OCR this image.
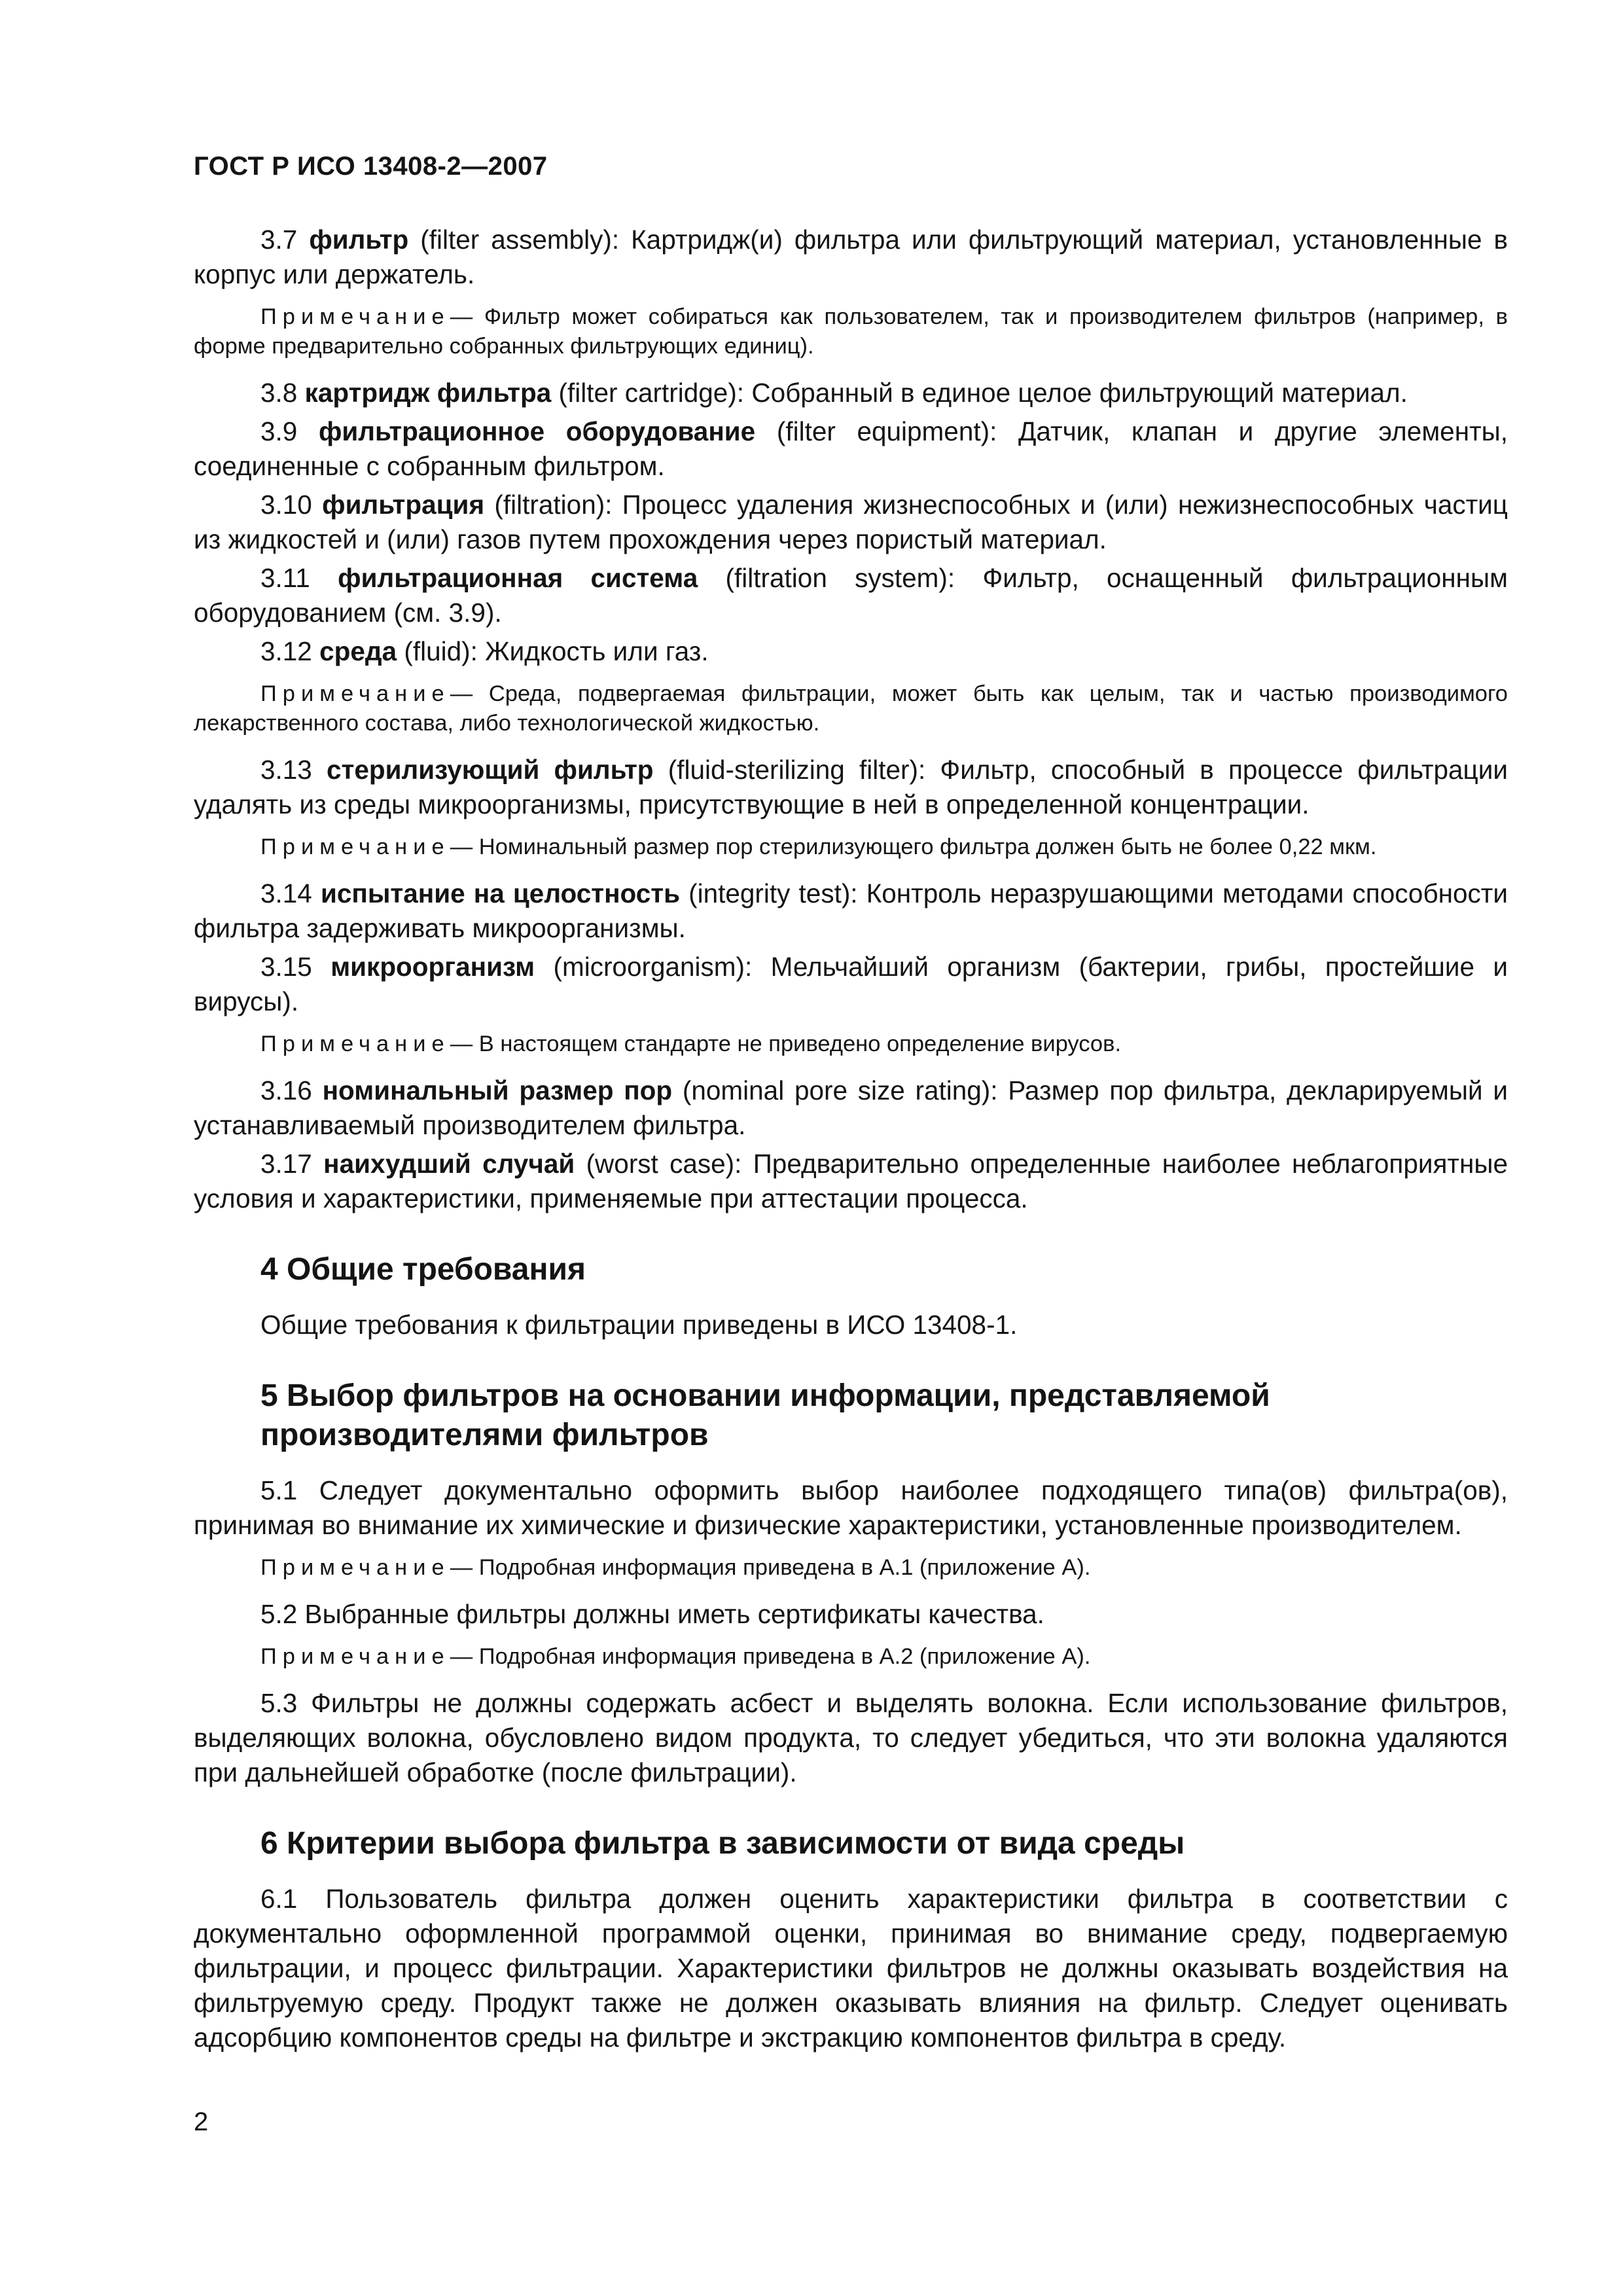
ГОСТ Р ИСО 13408-2—2007

3.7 фильтр (filter assembly): Картридж(и) фильтра или фильтрующий материал, установленные в корпус или держатель.

Примечание— Фильтр может собираться как пользователем, так и производителем фильтров (например, в форме предварительно собранных фильтрующих единиц).

3.8 картридж фильтра (filter cartridge): Собранный в единое целое фильтрующий материал.

3.9 фильтрационное оборудование (filter equipment): Датчик, клапан и другие элементы, соединенные с собранным фильтром.

3.10 фильтрация (filtration): Процесс удаления жизнеспособных и (или) нежизнеспособных частиц из жидкостей и (или) газов путем прохождения через пористый материал.

3.11 фильтрационная система (filtration system): Фильтр, оснащенный фильтрационным оборудованием (см. 3.9).

3.12 среда (fluid): Жидкость или газ.

Примечание— Среда, подвергаемая фильтрации, может быть как целым, так и частью производимого лекарственного состава, либо технологической жидкостью.

3.13 стерилизующий фильтр (fluid-sterilizing filter): Фильтр, способный в процессе фильтрации удалять из среды микроорганизмы, присутствующие в ней в определенной концентрации.

Примечание— Номинальный размер пор стерилизующего фильтра должен быть не более 0,22 мкм.

3.14 испытание на целостность (integrity test): Контроль неразрушающими методами способности фильтра задерживать микроорганизмы.

3.15 микроорганизм (microorganism): Мельчайший организм (бактерии, грибы, простейшие и вирусы).

Примечание— В настоящем стандарте не приведено определение вирусов.

3.16 номинальный размер пор (nominal pore size rating): Размер пор фильтра, декларируемый и устанавливаемый производителем фильтра.

3.17 наихудший случай (worst case): Предварительно определенные наиболее неблагоприятные условия и характеристики, применяемые при аттестации процесса.

4 Общие требования

Общие требования к фильтрации приведены в ИСО 13408-1.

5 Выбор фильтров на основании информации, представляемой производителями фильтров

5.1 Следует документально оформить выбор наиболее подходящего типа(ов) фильтра(ов), принимая во внимание их химические и физические характеристики, установленные производителем.

Примечание— Подробная информация приведена в А.1 (приложение А).

5.2 Выбранные фильтры должны иметь сертификаты качества.

Примечание— Подробная информация приведена в А.2 (приложение А).

5.3 Фильтры не должны содержать асбест и выделять волокна. Если использование фильтров, выделяющих волокна, обусловлено видом продукта, то следует убедиться, что эти волокна удаляются при дальнейшей обработке (после фильтрации).

6 Критерии выбора фильтра в зависимости от вида среды

6.1 Пользователь фильтра должен оценить характеристики фильтра в соответствии с документально оформленной программой оценки, принимая во внимание среду, подвергаемую фильтрации, и процесс фильтрации. Характеристики фильтров не должны оказывать воздействия на фильтруемую среду. Продукт также не должен оказывать влияния на фильтр. Следует оценивать адсорбцию компонентов среды на фильтре и экстракцию компонентов фильтра в среду.

2
